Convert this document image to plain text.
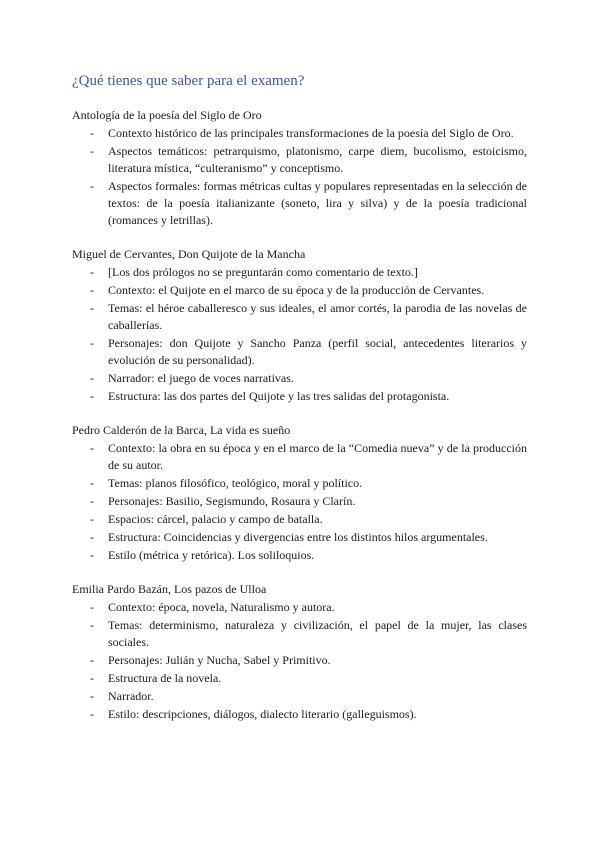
¿Qué tienes que saber para el examen?
Antología de la poesía del Siglo de Oro
- Contexto histórico de las principales transformaciones de la poesía del Siglo de Oro.
- Aspectos temáticos: petrarquismo, platonismo, carpe diem, bucolismo, estoicismo, literatura mística, “culteranismo” y conceptismo.
- Aspectos formales: formas métricas cultas y populares representadas en la selección de textos: de la poesía italianizante (soneto, lira y silva) y de la poesía tradicional (romances y letrillas).
Miguel de Cervantes, Don Quijote de la Mancha
- [Los dos prólogos no se preguntarán como comentario de texto.]
- Contexto: el Quijote en el marco de su época y de la producción de Cervantes.
- Temas: el héroe caballeresco y sus ideales, el amor cortés, la parodia de las novelas de caballerías.
- Personajes: don Quijote y Sancho Panza (perfil social, antecedentes literarios y evolución de su personalidad).
- Narrador: el juego de voces narrativas.
- Estructura: las dos partes del Quijote y las tres salidas del protagonista.
Pedro Calderón de la Barca, La vida es sueño
- Contexto: la obra en su época y en el marco de la “Comedia nueva” y de la producción de su autor.
- Temas: planos filosófico, teológico, moral y político.
- Personajes: Basilio, Segismundo, Rosaura y Clarín.
- Espacios: cárcel, palacio y campo de batalla.
- Estructura: Coincidencias y divergencias entre los distintos hilos argumentales.
- Estilo (métrica y retórica). Los soliloquios.
Emilia Pardo Bazán, Los pazos de Ulloa
- Contexto: época, novela, Naturalismo y autora.
- Temas: determinismo, naturaleza y civilización, el papel de la mujer, las clases sociales.
- Personajes: Julián y Nucha, Sabel y Primitivo.
- Estructura de la novela.
- Narrador.
- Estilo: descripciones, diálogos, dialecto literario (galleguismos).
